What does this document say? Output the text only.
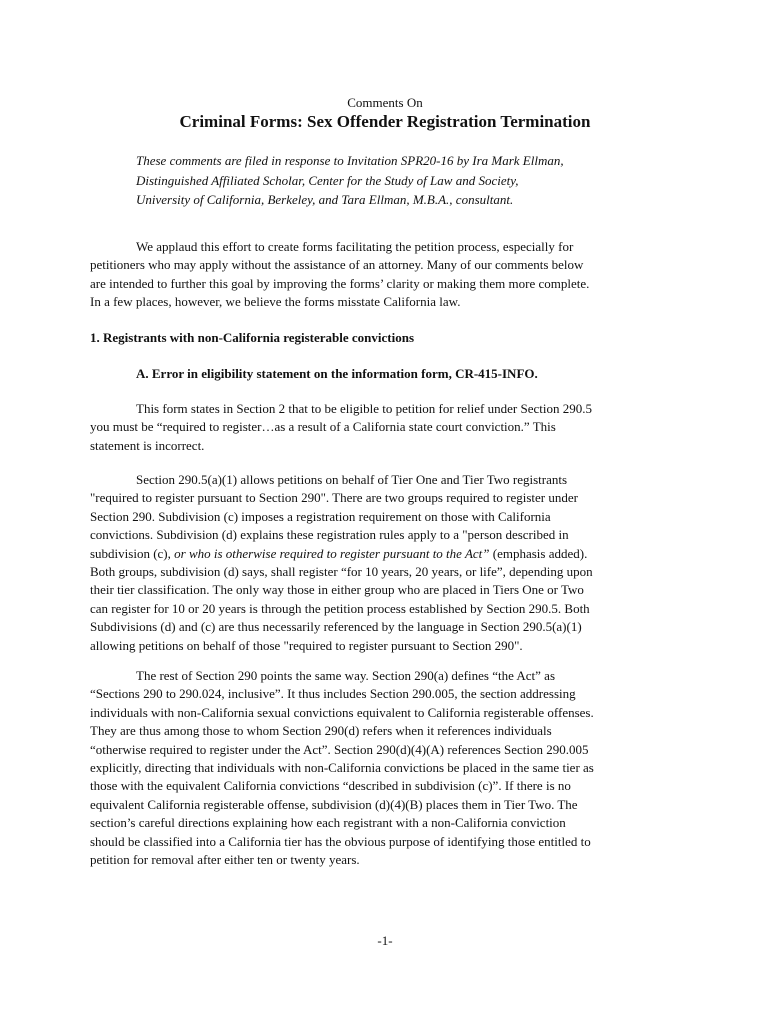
Comments On
Criminal Forms: Sex Offender Registration Termination
These comments are filed in response to Invitation SPR20-16 by Ira Mark Ellman,
Distinguished Affiliated Scholar, Center for the Study of Law and Society,
University of California, Berkeley, and Tara Ellman, M.B.A., consultant.
We applaud this effort to create forms facilitating the petition process, especially for
petitioners who may apply without the assistance of an attorney. Many of our comments below
are intended to further this goal by improving the forms’ clarity or making them more complete.
In a few places, however, we believe the forms misstate California law.
1. Registrants with non-California registerable convictions
A. Error in eligibility statement on the information form, CR-415-INFO.
This form states in Section 2 that to be eligible to petition for relief under Section 290.5
you must be “required to register…as a result of a California state court conviction.” This
statement is incorrect.
Section 290.5(a)(1) allows petitions on behalf of Tier One and Tier Two registrants
"required to register pursuant to Section 290". There are two groups required to register under
Section 290. Subdivision (c) imposes a registration requirement on those with California
convictions. Subdivision (d) explains these registration rules apply to a "person described in
subdivision (c), or who is otherwise required to register pursuant to the Act” (emphasis added).
Both groups, subdivision (d) says, shall register “for 10 years, 20 years, or life”, depending upon
their tier classification. The only way those in either group who are placed in Tiers One or Two
can register for 10 or 20 years is through the petition process established by Section 290.5. Both
Subdivisions (d) and (c) are thus necessarily referenced by the language in Section 290.5(a)(1)
allowing petitions on behalf of those "required to register pursuant to Section 290".
The rest of Section 290 points the same way. Section 290(a) defines “the Act” as
“Sections 290 to 290.024, inclusive”. It thus includes Section 290.005, the section addressing
individuals with non-California sexual convictions equivalent to California registerable offenses.
They are thus among those to whom Section 290(d) refers when it references individuals
“otherwise required to register under the Act”. Section 290(d)(4)(A) references Section 290.005
explicitly, directing that individuals with non-California convictions be placed in the same tier as
those with the equivalent California convictions “described in subdivision (c)”. If there is no
equivalent California registerable offense, subdivision (d)(4)(B) places them in Tier Two. The
section’s careful directions explaining how each registrant with a non-California conviction
should be classified into a California tier has the obvious purpose of identifying those entitled to
petition for removal after either ten or twenty years.
-1-
